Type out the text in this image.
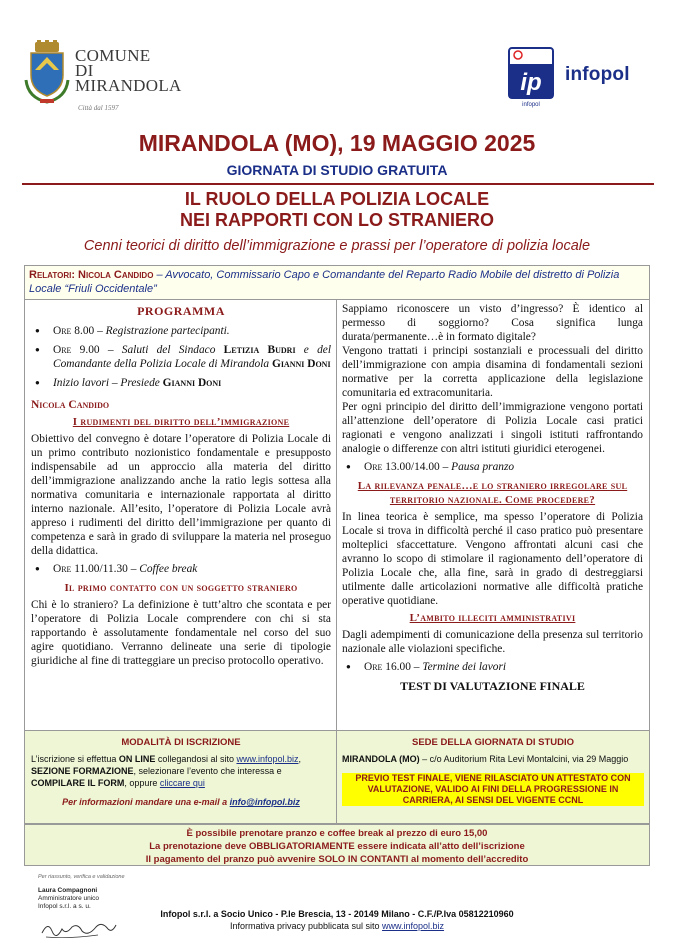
COMUNE
DI
MIRANDOLA
Città dal 1597
ip
infopol
infopol
MIRANDOLA (MO), 19 MAGGIO 2025
GIORNATA DI STUDIO GRATUITA
IL RUOLO DELLA POLIZIA LOCALE
NEI RAPPORTI CON LO STRANIERO
Cenni teorici di diritto dell’immigrazione e prassi per l’operatore di polizia locale
Relatori: Nicola Candido – Avvocato, Commissario Capo e Comandante del Reparto Radio Mobile del distretto di Polizia Locale “Friuli Occidentale”
PROGRAMMA
● Ore 8.00 – Registrazione partecipanti.
● Ore 9.00 – Saluti del Sindaco Letizia Budri e del Comandante della Polizia Locale di Mirandola Gianni Doni
● Inizio lavori – Presiede Gianni Doni
Nicola Candido
I rudimenti del diritto dell’immigrazione
Obiettivo del convegno è dotare l’operatore di Polizia Locale di un primo contributo nozionistico fondamentale e presupposto indispensabile ad un approccio alla materia del diritto dell’immigrazione analizzando anche la ratio legis sottesa alla normativa comunitaria e internazionale rapportata al diritto interno nazionale. All’esito, l’operatore di Polizia Locale avrà appreso i rudimenti del diritto dell’immigrazione per quanto di competenza e sarà in grado di sviluppare la materia nel proseguo della didattica.
● Ore 11.00/11.30 – Coffee break
Il primo contatto con un soggetto straniero
Chi è lo straniero? La definizione è tutt’altro che scontata e per l’operatore di Polizia Locale comprendere con chi si sta rapportando è assolutamente fondamentale nel corso del suo agire quotidiano. Verranno delineate una serie di tipologie giuridiche al fine di tratteggiare un preciso protocollo operativo.
Sappiamo riconoscere un visto d’ingresso? È identico al permesso di soggiorno? Cosa significa lunga durata/permanente…è in formato digitale?
Vengono trattati i principi sostanziali e processuali del diritto dell’immigrazione con ampia disamina di fondamentali sezioni normative per la corretta applicazione della legislazione comunitaria ed extracomunitaria.
Per ogni principio del diritto dell’immigrazione vengono portati all’attenzione dell’operatore di Polizia Locale casi pratici ragionati e vengono analizzati i singoli istituti raffrontando analogie o differenze con altri istituti giuridici eterogenei.
● Ore 13.00/14.00 – Pausa pranzo
La rilevanza penale…e lo straniero irregolare sul territorio nazionale. Come procedere?
In linea teorica è semplice, ma spesso l’operatore di Polizia Locale si trova in difficoltà perché il caso pratico può presentare molteplici sfaccettature. Vengono affrontati alcuni casi che avranno lo scopo di stimolare il ragionamento dell’operatore di Polizia Locale che, alla fine, sarà in grado di destreggiarsi utilmente dalle articolazioni normative alle difficoltà pratiche operative quotidiane.
L’ambito illeciti amministrativi
Dagli adempimenti di comunicazione della presenza sul territorio nazionale alle violazioni specifiche.
● Ore 16.00 – Termine dei lavori
TEST DI VALUTAZIONE FINALE
MODALITÀ DI ISCRIZIONE
L’iscrizione si effettua ON LINE collegandosi al sito www.infopol.biz, SEZIONE FORMAZIONE, selezionare l’evento che interessa e COMPILARE IL FORM, oppure cliccare qui
Per informazioni mandare una e-mail a info@infopol.biz
SEDE DELLA GIORNATA DI STUDIO
MIRANDOLA (MO) – c/o Auditorium Rita Levi Montalcini, via 29 Maggio
PREVIO TEST FINALE, VIENE RILASCIATO UN ATTESTATO CON VALUTAZIONE, VALIDO AI FINI DELLA PROGRESSIONE IN CARRIERA, AI SENSI DEL VIGENTE CCNL
È possibile prenotare pranzo e coffee break al prezzo di euro 15,00
La prenotazione deve OBBLIGATORIAMENTE essere indicata all’atto dell’iscrizione
Il pagamento del pranzo può avvenire SOLO IN CONTANTI al momento dell’accredito
Per riassunto, verifica e validazione
Laura Compagnoni
Amministratore unico
Infopol s.r.l. a s. u.
Infopol s.r.l. a Socio Unico - P.le Brescia, 13 - 20149 Milano - C.F./P.Iva 05812210960
Informativa privacy pubblicata sul sito www.infopol.biz
